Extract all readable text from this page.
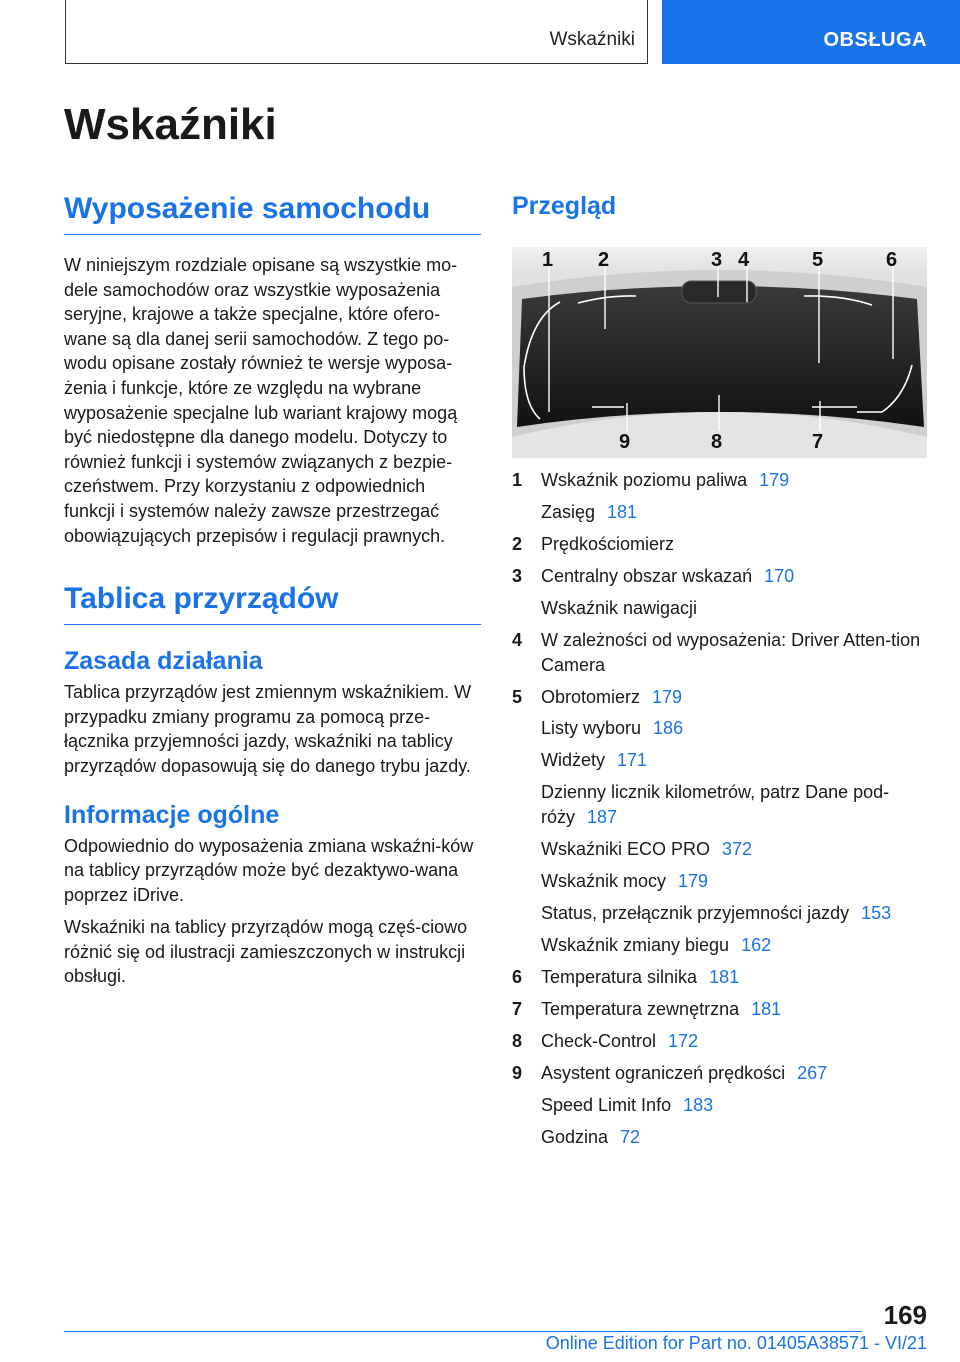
Wskaźniki	OBSŁUGA
Wskaźniki
Wyposażenie samochodu

W niniejszym rozdziale opisane są wszystkie mo-dele samochodów oraz wszystkie wyposażenia seryjne, krajowe a także specjalne, które ofero-wane są dla danej serii samochodów. Z tego po-wodu opisane zostały również te wersje wyposa-żenia i funkcje, które ze względu na wybrane wyposażenie specjalne lub wariant krajowy mogą być niedostępne dla danego modelu. Dotyczy to również funkcji i systemów związanych z bezpie-czeństwem. Przy korzystaniu z odpowiednich funkcji i systemów należy zawsze przestrzegać obowiązujących przepisów i regulacji prawnych.

Tablica przyrządów
Zasada działania

Tablica przyrządów jest zmiennym wskaźnikiem. W przypadku zmiany programu za pomocą prze-łącznika przyjemności jazdy, wskaźniki na tablicy przyrządów dopasowują się do danego trybu jazdy.

Informacje ogólne

Odpowiednio do wyposażenia zmiana wskaźni-ków na tablicy przyrządów może być dezaktywo-wana poprzez iDrive.

Wskaźniki na tablicy przyrządów mogą częś-ciowo różnić się od ilustracji zamieszczonych w instrukcji obsługi.

Przegląd
1 2	3 4	5	6
7
8
9
1	Wskaźnik poziomu paliwa 179
Zasięg 181
2	Prędkościomierz
3	Centralny obszar wskazań 170
Wskaźnik nawigacji
4	W zależności od wyposażenia: Driver Atten-tion Camera
5	Obrotomierz 179
Listy wyboru 186
Widżety 171
Dzienny licznik kilometrów, patrz Dane pod-róży 187
Wskaźniki ECO PRO 372
Wskaźnik mocy 179
Status, przełącznik przyjemności jazdy 153
Wskaźnik zmiany biegu 162
6	Temperatura silnika 181
7	Temperatura zewnętrzna 181
8	Check-Control 172
9	Asystent ograniczeń prędkości 267
Speed Limit Info 183
Godzina 72
169
Online Edition for Part no. 01405A38571 - VI/21
